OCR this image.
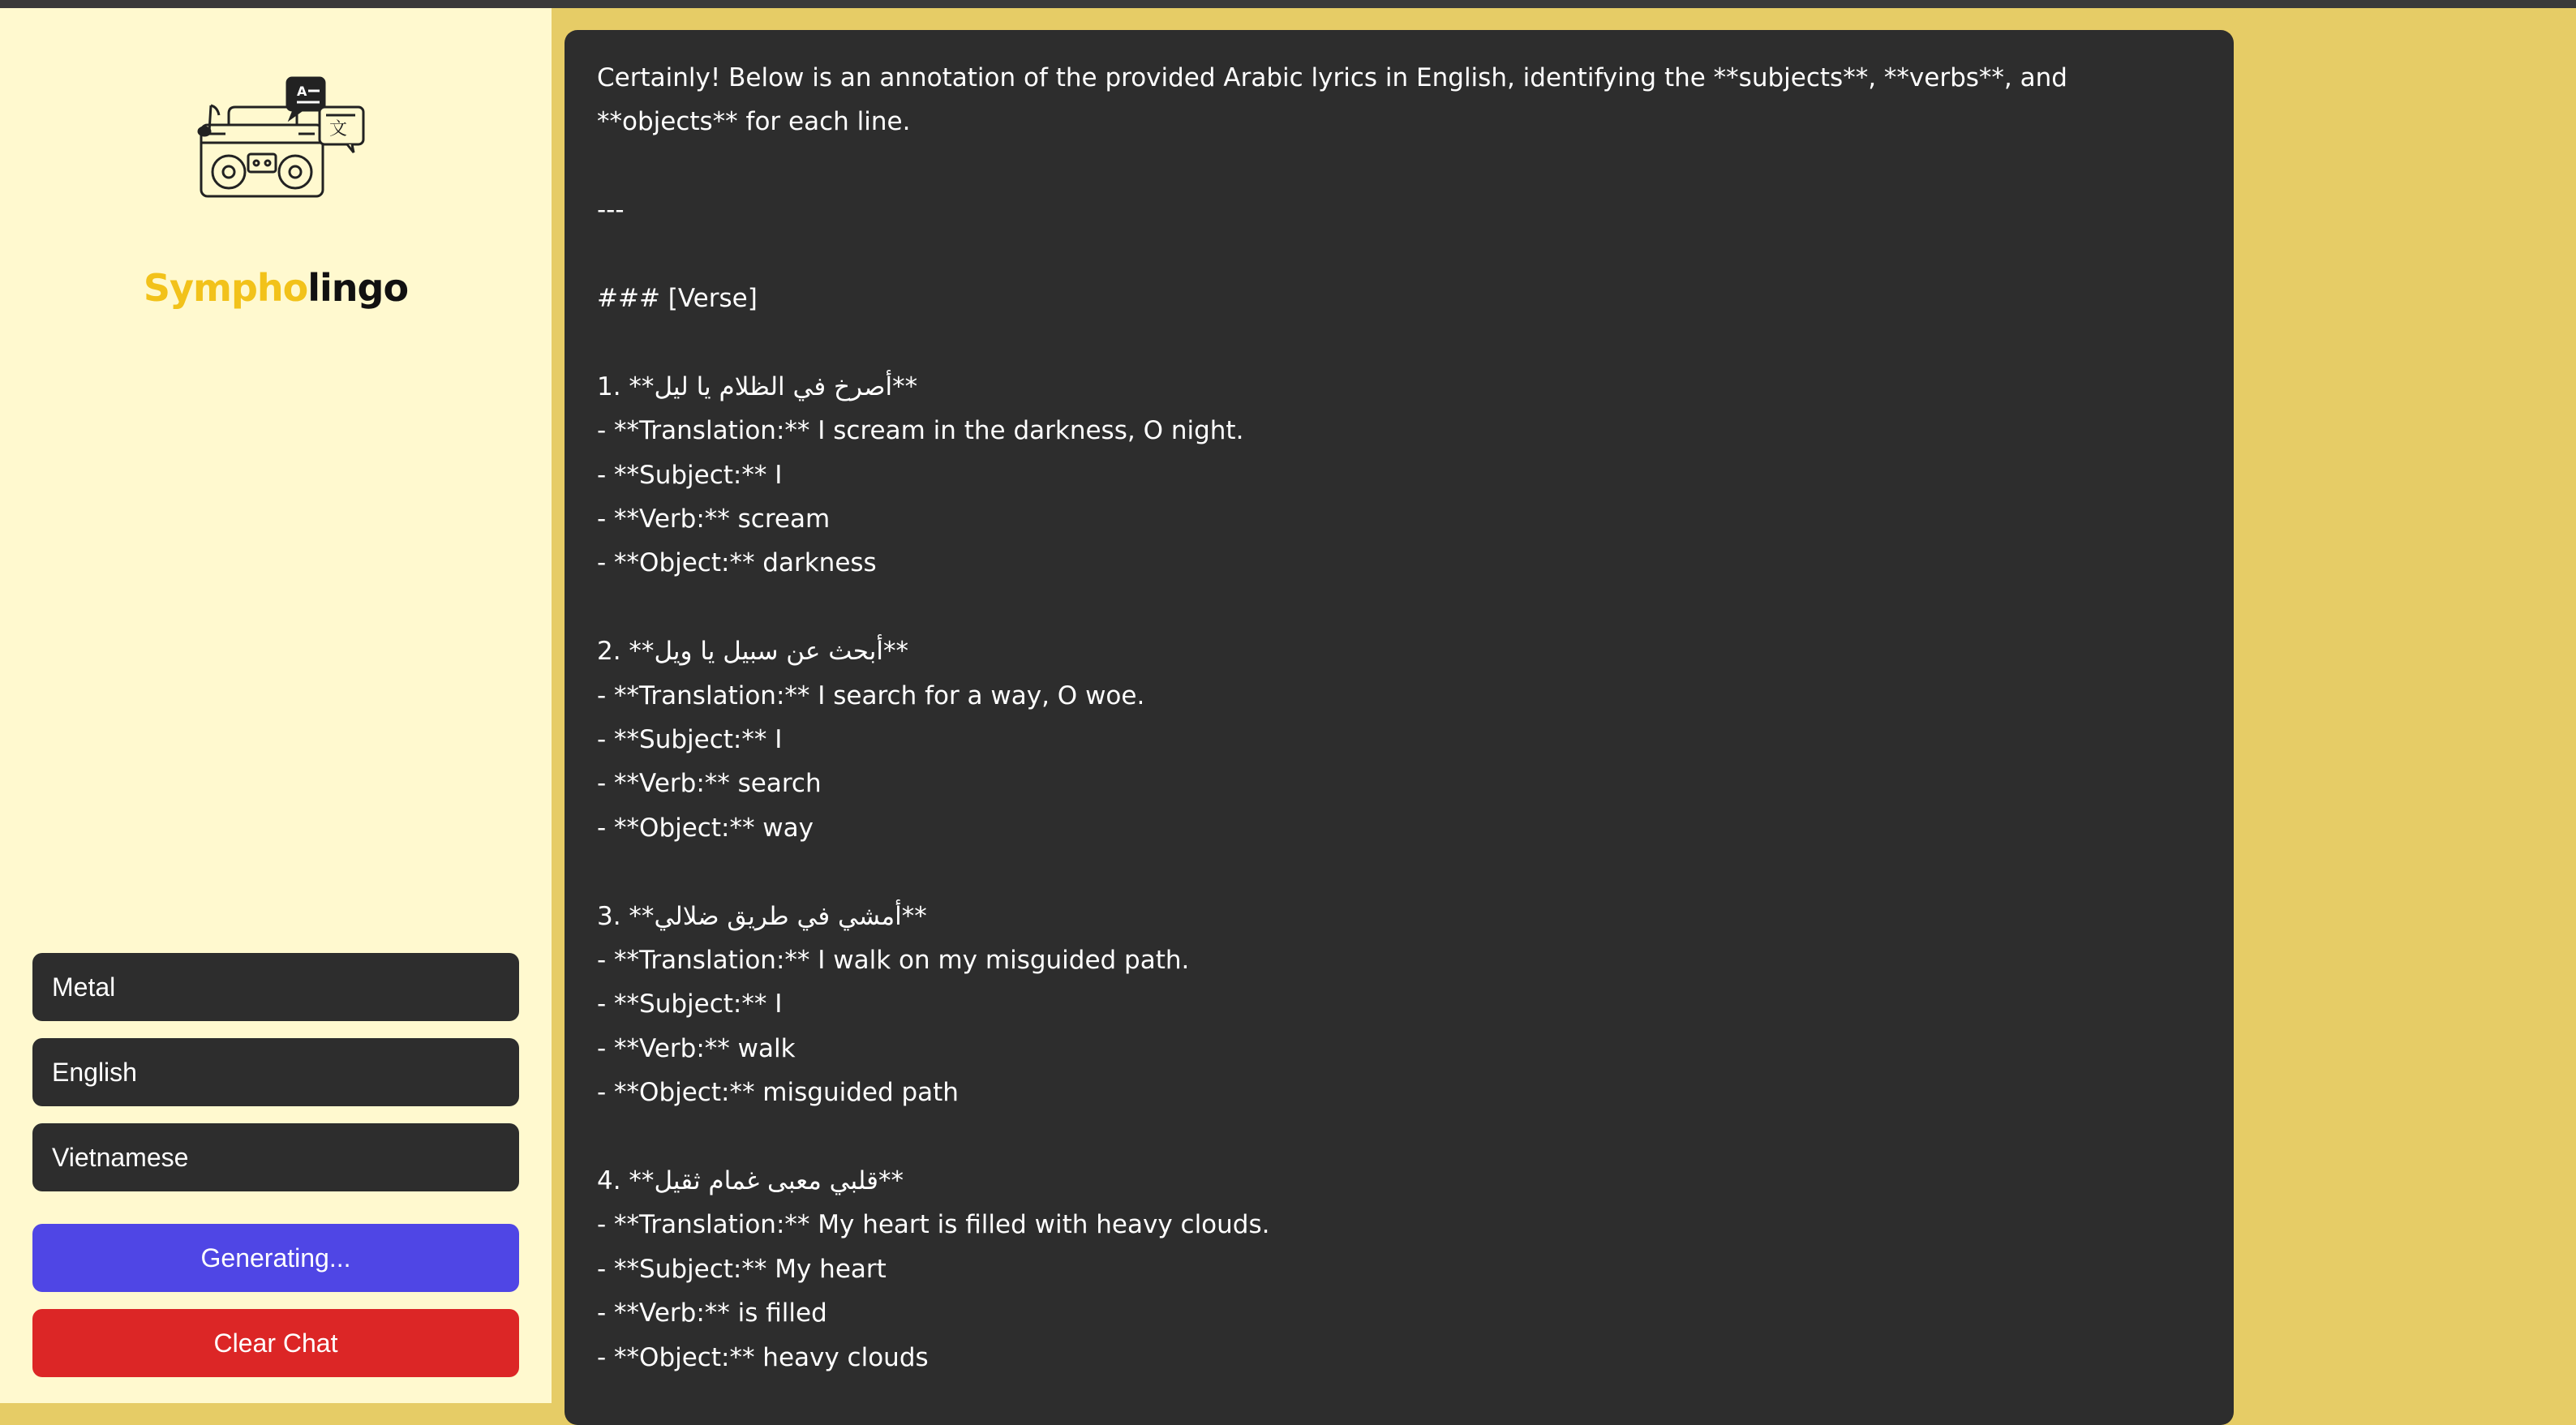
A
文
Sympholingo
Metal
English
Vietnamese
Generating...
Clear Chat

Certainly! Below is an annotation of the provided Arabic lyrics in English, identifying the **subjects**, **verbs**, and **objects** for each line.

---

### [Verse]

1. **‫أصرخ في الظلام يا ليل‬**

- **Translation:** I scream in the darkness, O night.

- **Subject:** I

- **Verb:** scream

- **Object:** darkness

2. **‫أبحث عن سبيل يا ويل‬**

- **Translation:** I search for a way, O woe.

- **Subject:** I

- **Verb:** search

- **Object:** way

3. **‫أمشي في طريق ضلالي‬**

- **Translation:** I walk on my misguided path.

- **Subject:** I

- **Verb:** walk

- **Object:** misguided path

4. **‫قلبي معبى غمام ثقيل‬**

- **Translation:** My heart is filled with heavy clouds.

- **Subject:** My heart

- **Verb:** is filled

- **Object:** heavy clouds
